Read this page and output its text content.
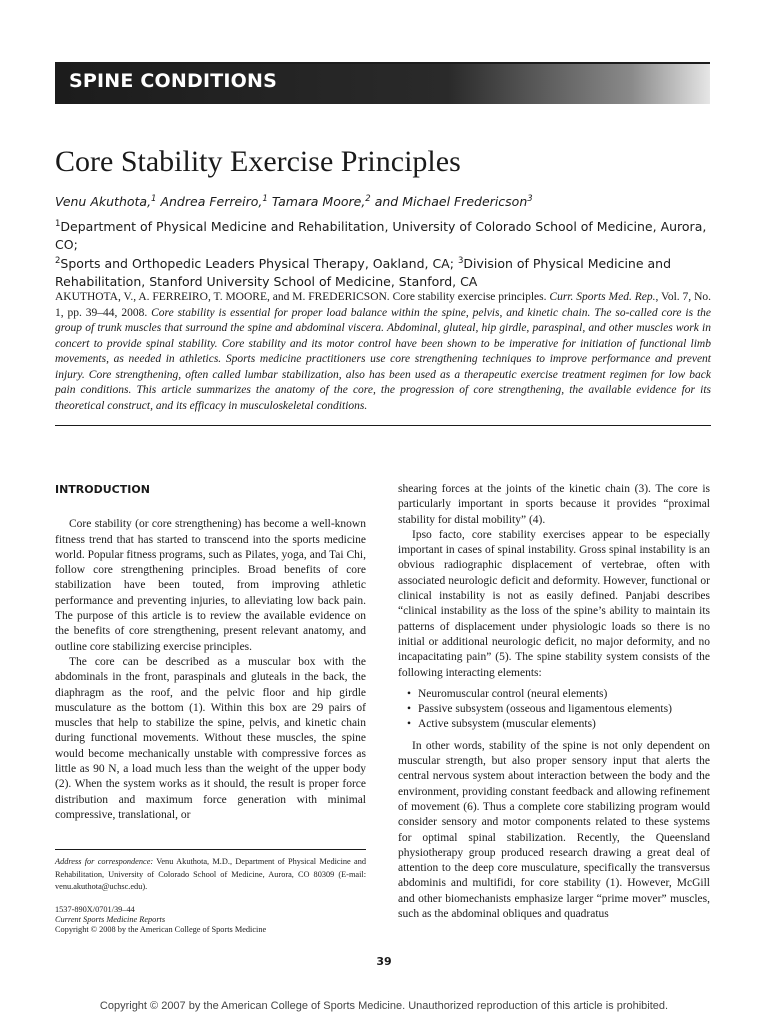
SPINE CONDITIONS
Core Stability Exercise Principles
Venu Akuthota,$^1$ Andrea Ferreiro,$^1$ Tamara Moore,$^2$ and Michael Fredericson$^3$
$^1$Department of Physical Medicine and Rehabilitation, University of Colorado School of Medicine, Aurora, CO;
$^2$Sports and Orthopedic Leaders Physical Therapy, Oakland, CA; $^3$Division of Physical Medicine and Rehabilitation, Stanford University School of Medicine, Stanford, CA
AKUTHOTA, V., A. FERREIRO, T. MOORE, and M. FREDERICSON. Core stability exercise principles. Curr. Sports Med. Rep., Vol. 7, No. 1, pp. 39–44, 2008. Core stability is essential for proper load balance within the spine, pelvis, and kinetic chain. The so-called core is the group of trunk muscles that surround the spine and abdominal viscera. Abdominal, gluteal, hip girdle, paraspinal, and other muscles work in concert to provide spinal stability. Core stability and its motor control have been shown to be imperative for initiation of functional limb movements, as needed in athletics. Sports medicine practitioners use core strengthening techniques to improve performance and prevent injury. Core strengthening, often called lumbar stabilization, also has been used as a therapeutic exercise treatment regimen for low back pain conditions. This article summarizes the anatomy of the core, the progression of core strengthening, the available evidence for its theoretical construct, and its efficacy in musculoskeletal conditions.
INTRODUCTION

Core stability (or core strengthening) has become a well-known fitness trend that has started to transcend into the sports medicine world. Popular fitness programs, such as Pilates, yoga, and Tai Chi, follow core strengthening principles. Broad benefits of core stabilization have been touted, from improving athletic performance and preventing injuries, to alleviating low back pain. The purpose of this article is to review the available evidence on the benefits of core strengthening, present relevant anatomy, and outline core stabilizing exercise principles.

The core can be described as a muscular box with the abdominals in the front, paraspinals and gluteals in the back, the diaphragm as the roof, and the pelvic floor and hip girdle musculature as the bottom (1). Within this box are 29 pairs of muscles that help to stabilize the spine, pelvis, and kinetic chain during functional movements. Without these muscles, the spine would become mechanically unstable with compressive forces as little as 90 N, a load much less than the weight of the upper body (2). When the system works as it should, the result is proper force distribution and maximum force generation with minimal compressive, translational, or

shearing forces at the joints of the kinetic chain (3). The core is particularly important in sports because it provides “proximal stability for distal mobility” (4).

Ipso facto, core stability exercises appear to be especially important in cases of spinal instability. Gross spinal instability is an obvious radiographic displacement of vertebrae, often with associated neurologic deficit and deformity. However, functional or clinical instability is not as easily defined. Panjabi describes “clinical instability as the loss of the spine’s ability to maintain its patterns of displacement under physiologic loads so there is no initial or additional neurologic deficit, no major deformity, and no incapacitating pain” (5). The spine stability system consists of the following interacting elements:

• Neuromuscular control (neural elements)
• Passive subsystem (osseous and ligamentous elements)
• Active subsystem (muscular elements)

In other words, stability of the spine is not only dependent on muscular strength, but also proper sensory input that alerts the central nervous system about interaction between the body and the environment, providing constant feedback and allowing refinement of movement (6). Thus a complete core stabilizing program would consider sensory and motor components related to these systems for optimal spinal stabilization. Recently, the Queensland physiotherapy group produced research drawing a great deal of attention to the deep core musculature, specifically the transversus abdominis and multifidi, for core stability (1). However, McGill and other biomechanists emphasize larger “prime mover” muscles, such as the abdominal obliques and quadratus

Address for correspondence: Venu Akuthota, M.D., Department of Physical Medicine and Rehabilitation, University of Colorado School of Medicine, Aurora, CO 80309 (E-mail: venu.akuthota@uchsc.edu).
1537-890X/0701/39–44
Current Sports Medicine Reports
Copyright © 2008 by the American College of Sports Medicine
39
Copyright © 2007 by the American College of Sports Medicine. Unauthorized reproduction of this article is prohibited.
